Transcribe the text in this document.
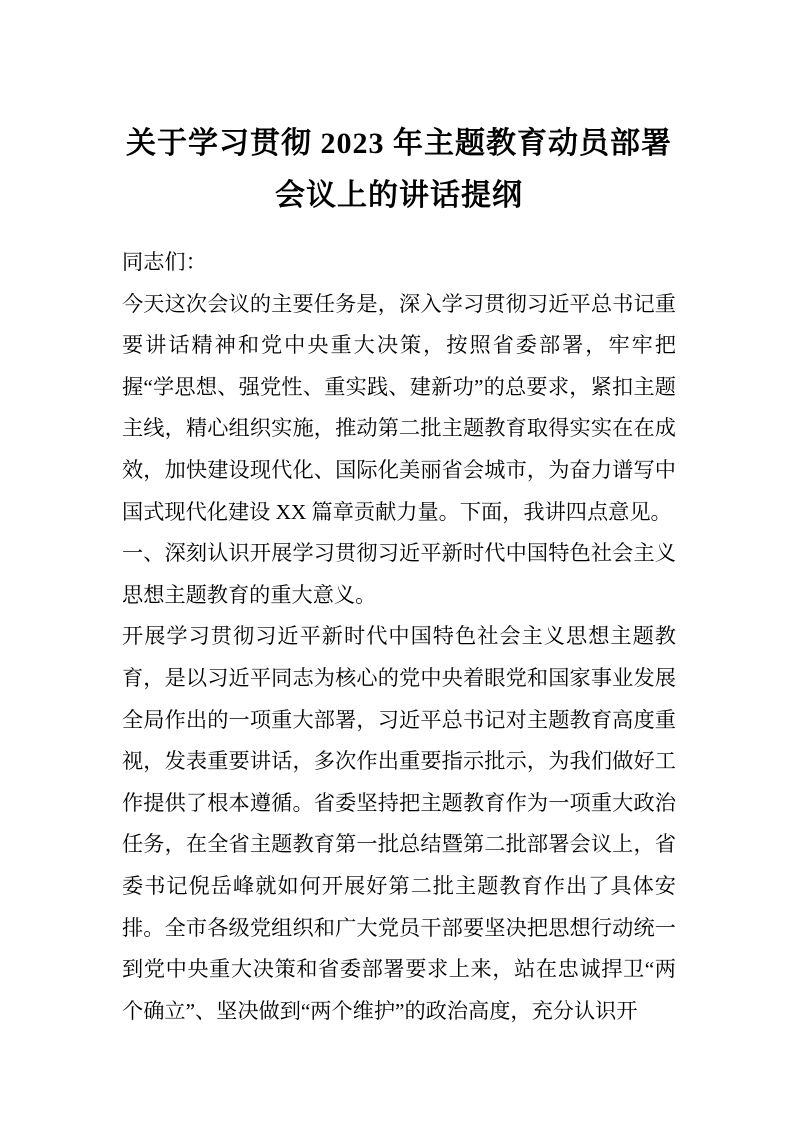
关于学习贯彻 2023 年主题教育动员部署会议上的讲话提纲

同志们：

今天这次会议的主要任务是，深入学习贯彻习近平总书记重要讲话精神和党中央重大决策，按照省委部署，牢牢把握“学思想、强党性、重实践、建新功”的总要求，紧扣主题主线，精心组织实施，推动第二批主题教育取得实实在在成效，加快建设现代化、国际化美丽省会城市，为奋力谱写中国式现代化建设 XX 篇章贡献力量。下面，我讲四点意见。

一、深刻认识开展学习贯彻习近平新时代中国特色社会主义思想主题教育的重大意义。

开展学习贯彻习近平新时代中国特色社会主义思想主题教育，是以习近平同志为核心的党中央着眼党和国家事业发展全局作出的一项重大部署，习近平总书记对主题教育高度重视，发表重要讲话，多次作出重要指示批示，为我们做好工作提供了根本遵循。省委坚持把主题教育作为一项重大政治任务，在全省主题教育第一批总结暨第二批部署会议上，省委书记倪岳峰就如何开展好第二批主题教育作出了具体安排。全市各级党组织和广大党员干部要坚决把思想行动统一到党中央重大决策和省委部署要求上来，站在忠诚捍卫“两个确立”、坚决做到“两个维护”的政治高度，充分认识开
